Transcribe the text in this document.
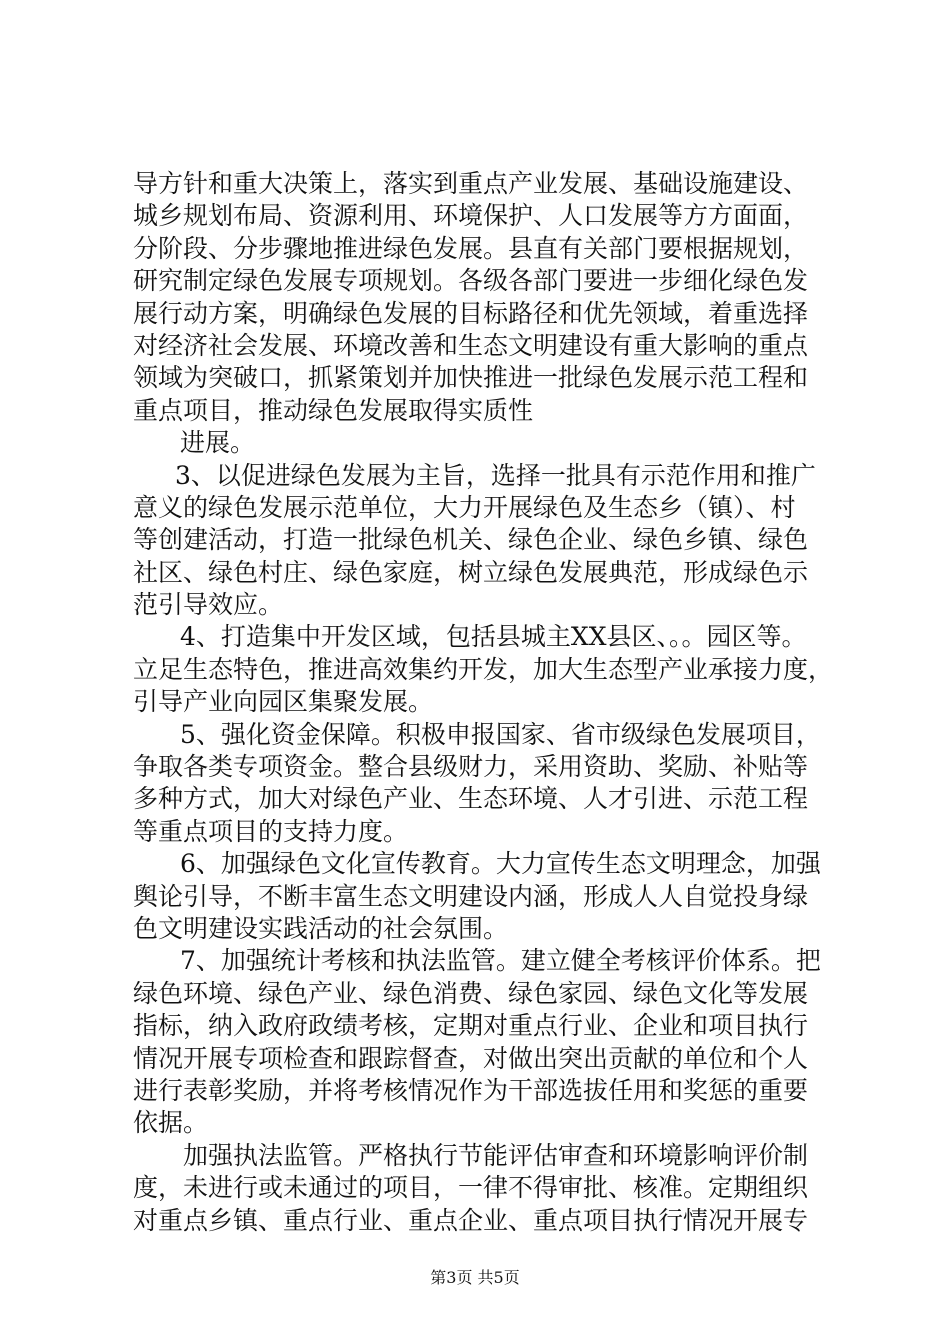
导方针和重大决策上，落实到重点产业发展、基础设施建设、
城乡规划布局、资源利用、环境保护、人口发展等方方面面，
分阶段、分步骤地推进绿色发展。县直有关部门要根据规划，
研究制定绿色发展专项规划。各级各部门要进一步细化绿色发
展行动方案，明确绿色发展的目标路径和优先领域，着重选择
对经济社会发展、环境改善和生态文明建设有重大影响的重点
领域为突破口，抓紧策划并加快推进一批绿色发展示范工程和
重点项目，推动绿色发展取得实质性
进展。
3、以促进绿色发展为主旨，选择一批具有示范作用和推广
意义的绿色发展示范单位，大力开展绿色及生态乡（镇）、村
等创建活动，打造一批绿色机关、绿色企业、绿色乡镇、绿色
社区、绿色村庄、绿色家庭，树立绿色发展典范，形成绿色示
范引导效应。
4、打造集中开发区域，包括县城主XX县区、。。园区等。
立足生态特色，推进高效集约开发，加大生态型产业承接力度，
引导产业向园区集聚发展。
5、强化资金保障。积极申报国家、省市级绿色发展项目，
争取各类专项资金。整合县级财力，采用资助、奖励、补贴等
多种方式，加大对绿色产业、生态环境、人才引进、示范工程
等重点项目的支持力度。
6、加强绿色文化宣传教育。大力宣传生态文明理念，加强
舆论引导，不断丰富生态文明建设内涵，形成人人自觉投身绿
色文明建设实践活动的社会氛围。
7、加强统计考核和执法监管。建立健全考核评价体系。把
绿色环境、绿色产业、绿色消费、绿色家园、绿色文化等发展
指标，纳入政府政绩考核，定期对重点行业、企业和项目执行
情况开展专项检查和跟踪督查，对做出突出贡献的单位和个人
进行表彰奖励，并将考核情况作为干部选拔任用和奖惩的重要
依据。
加强执法监管。严格执行节能评估审查和环境影响评价制
度，未进行或未通过的项目，一律不得审批、核准。定期组织
对重点乡镇、重点行业、重点企业、重点项目执行情况开展专
第3页 共5页
